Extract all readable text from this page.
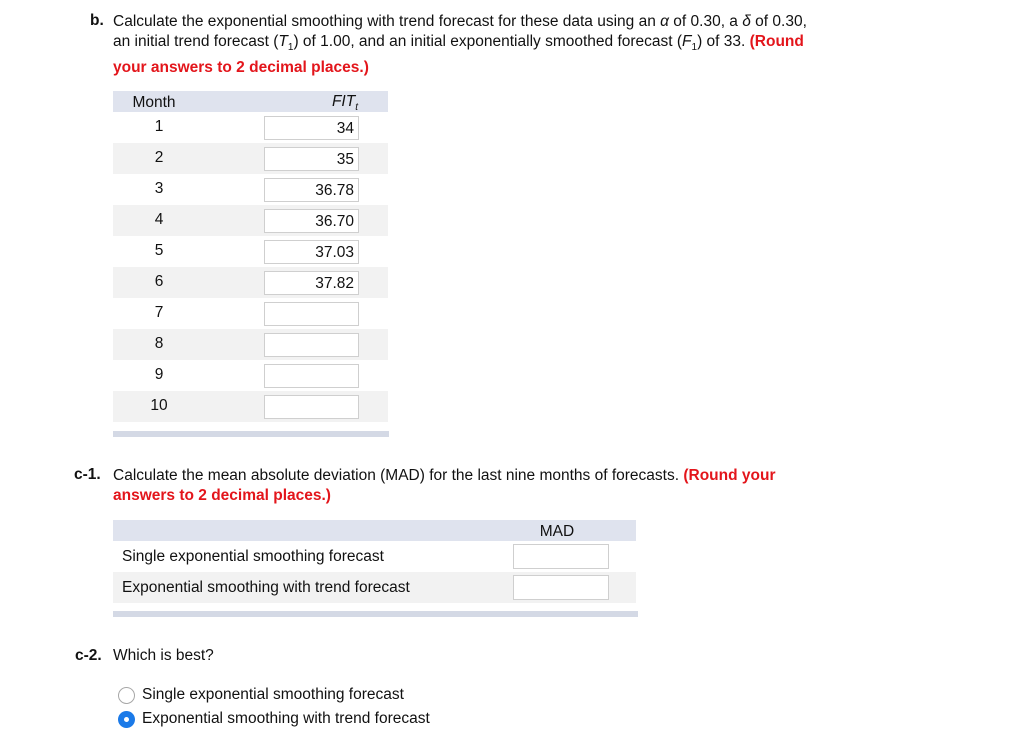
b. Calculate the exponential smoothing with trend forecast for these data using an α of 0.30, a δ of 0.30,
an initial trend forecast $(T_1)$ of 1.00, and an initial exponentially smoothed forecast $(F_1)$ of 33. (Round
your answers to 2 decimal places.)
Month	$FIT_t$
1	34
2	35
3	36.78
4	36.70
5	37.03
6	37.82
7
8
9
10
c-1. Calculate the mean absolute deviation (MAD) for the last nine months of forecasts. (Round your
answers to 2 decimal places.)
MAD
Single exponential smoothing forecast
Exponential smoothing with trend forecast
c-2. Which is best?
Single exponential smoothing forecast
Exponential smoothing with trend forecast
